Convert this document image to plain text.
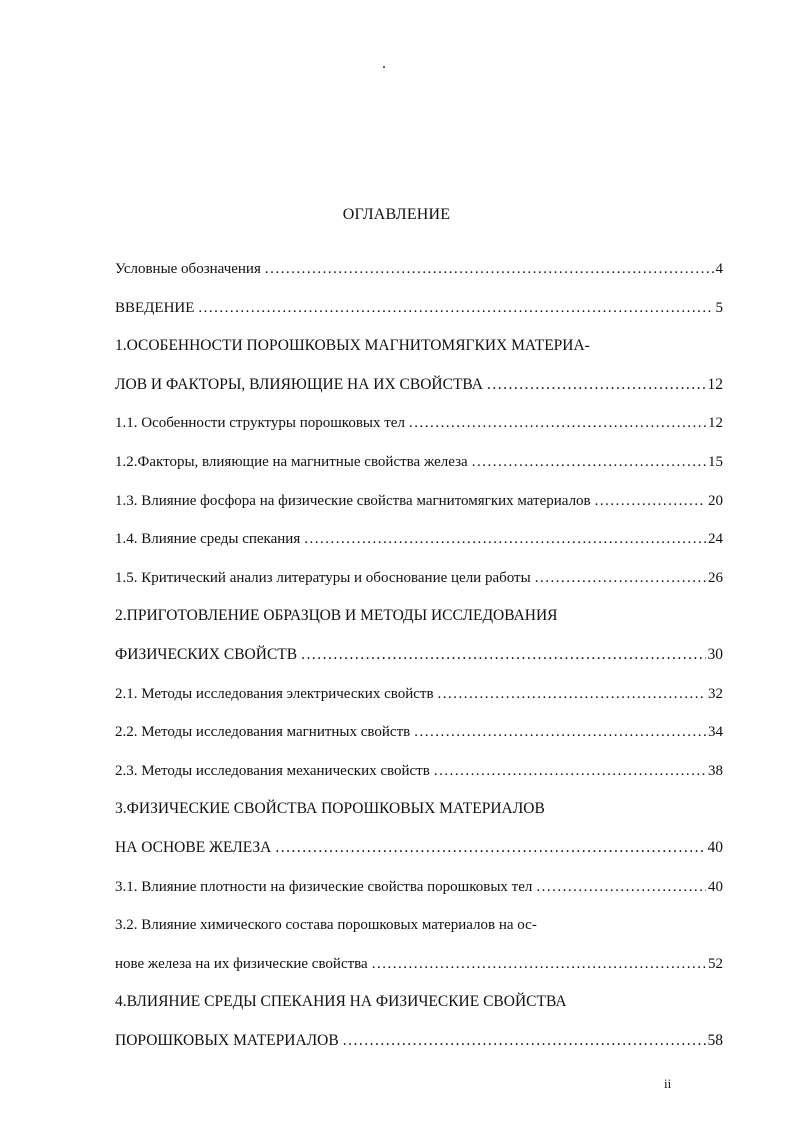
ОГЛАВЛЕНИЕ
Условные обозначения .....	4
ВВЕДЕНИЕ .....	5
1.ОСОБЕННОСТИ ПОРОШКОВЫХ МАГНИТОМЯГКИХ МАТЕРИА-
ЛОВ И ФАКТОРЫ, ВЛИЯЮЩИЕ НА ИХ СВОЙСТВА .....	12
1.1. Особенности структуры порошковых тел .....	12
1.2.Факторы, влияющие на магнитные свойства железа .....	15
1.3. Влияние фосфора на физические свойства магнитомягких материалов .....	20
1.4. Влияние среды спекания .....	24
1.5. Критический анализ литературы и обоснование цели работы .....	26
2.ПРИГОТОВЛЕНИЕ ОБРАЗЦОВ И МЕТОДЫ ИССЛЕДОВАНИЯ
ФИЗИЧЕСКИХ СВОЙСТВ .....	30
2.1. Методы исследования электрических свойств .....	32
2.2. Методы исследования магнитных свойств .....	34
2.3. Методы исследования механических свойств .....	38
3.ФИЗИЧЕСКИЕ СВОЙСТВА ПОРОШКОВЫХ МАТЕРИАЛОВ
НА ОСНОВЕ ЖЕЛЕЗА .....	40
3.1. Влияние плотности на физические свойства порошковых тел .....	40
3.2. Влияние химического состава порошковых материалов на ос-
нове железа на их физические свойства .....	52
4.ВЛИЯНИЕ СРЕДЫ СПЕКАНИЯ НА ФИЗИЧЕСКИЕ СВОЙСТВА
ПОРОШКОВЫХ МАТЕРИАЛОВ .....	58
ii
